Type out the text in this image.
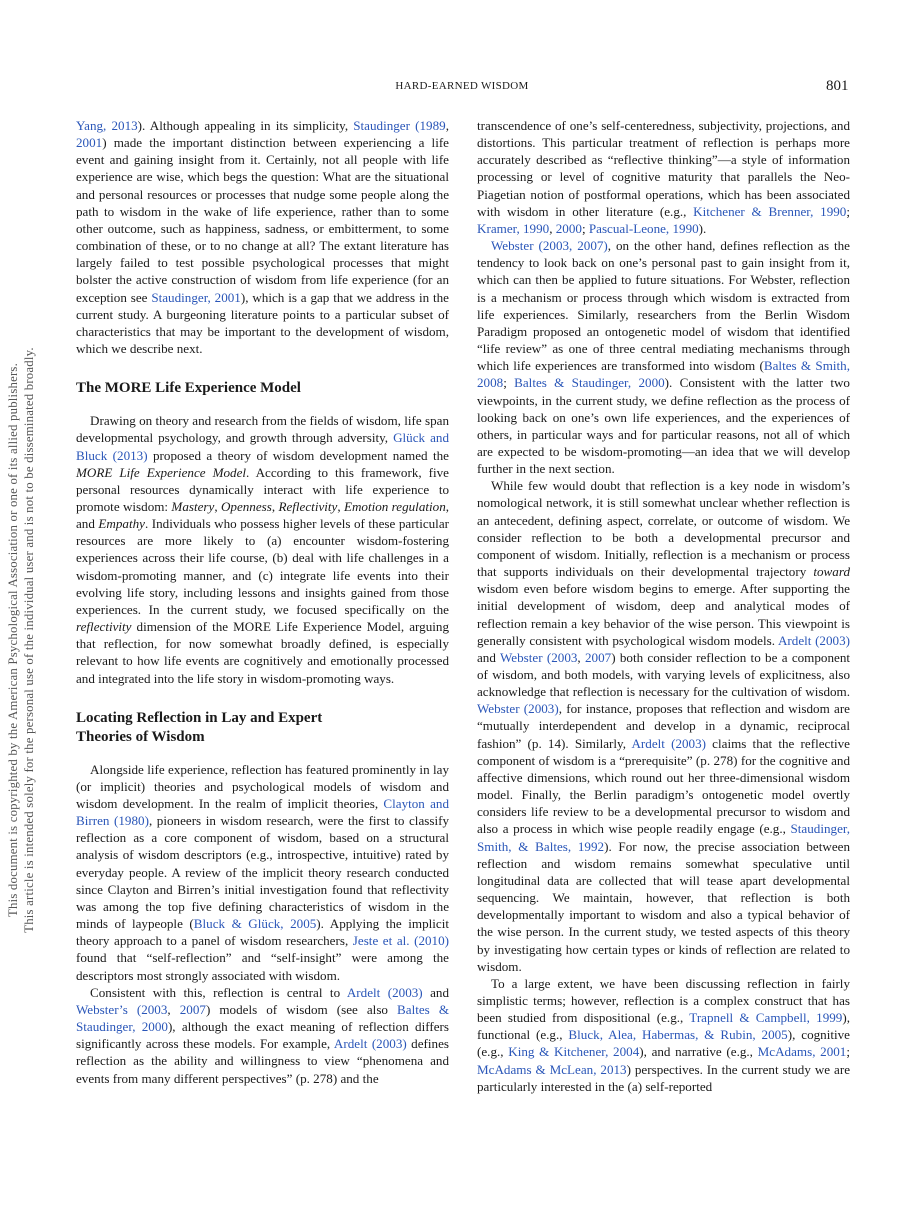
HARD-EARNED WISDOM	801
This document is copyrighted by the American Psychological Association or one of its allied publishers. This article is intended solely for the personal use of the individual user and is not to be disseminated broadly.

Yang, 2013). Although appealing in its simplicity, Staudinger (1989, 2001) made the important distinction between experiencing a life event and gaining insight from it. Certainly, not all people with life experience are wise, which begs the question: What are the situational and personal resources or processes that nudge some people along the path to wisdom in the wake of life experience, rather than to some other outcome, such as happiness, sadness, or embitterment, to some combination of these, or to no change at all? The extant literature has largely failed to test possible psychological processes that might bolster the active construction of wisdom from life experience (for an exception see Staudinger, 2001), which is a gap that we address in the current study. A burgeoning literature points to a particular subset of characteristics that may be important to the development of wisdom, which we describe next.

The MORE Life Experience Model

Drawing on theory and research from the fields of wisdom, life span developmental psychology, and growth through adversity, Glück and Bluck (2013) proposed a theory of wisdom development named the MORE Life Experience Model. According to this framework, five personal resources dynamically interact with life experience to promote wisdom: Mastery, Openness, Reflectivity, Emotion regulation, and Empathy. Individuals who possess higher levels of these particular resources are more likely to (a) encounter wisdom-fostering experiences across their life course, (b) deal with life challenges in a wisdom-promoting manner, and (c) integrate life events into their evolving life story, including lessons and insights gained from those experiences. In the current study, we focused specifically on the reflectivity dimension of the MORE Life Experience Model, arguing that reflection, for now somewhat broadly defined, is especially relevant to how life events are cognitively and emotionally processed and integrated into the life story in wisdom-promoting ways.

Locating Reflection in Lay and Expert
Theories of Wisdom

Alongside life experience, reflection has featured prominently in lay (or implicit) theories and psychological models of wisdom and wisdom development. In the realm of implicit theories, Clayton and Birren (1980), pioneers in wisdom research, were the first to classify reflection as a core component of wisdom, based on a structural analysis of wisdom descriptors (e.g., introspective, intuitive) rated by everyday people. A review of the implicit theory research conducted since Clayton and Birren’s initial investigation found that reflectivity was among the top five defining characteristics of wisdom in the minds of laypeople (Bluck & Glück, 2005). Applying the implicit theory approach to a panel of wisdom researchers, Jeste et al. (2010) found that “self-reflection” and “self-insight” were among the descriptors most strongly associated with wisdom.

Consistent with this, reflection is central to Ardelt (2003) and Webster’s (2003, 2007) models of wisdom (see also Baltes & Staudinger, 2000), although the exact meaning of reflection differs significantly across these models. For example, Ardelt (2003) defines reflection as the ability and willingness to view “phenomena and events from many different perspectives” (p. 278) and the

transcendence of one’s self-centeredness, subjectivity, projections, and distortions. This particular treatment of reflection is perhaps more accurately described as “reflective thinking”—a style of information processing or level of cognitive maturity that parallels the Neo-Piagetian notion of postformal operations, which has been associated with wisdom in other literature (e.g., Kitchener & Brenner, 1990; Kramer, 1990, 2000; Pascual-Leone, 1990).

Webster (2003, 2007), on the other hand, defines reflection as the tendency to look back on one’s personal past to gain insight from it, which can then be applied to future situations. For Webster, reflection is a mechanism or process through which wisdom is extracted from life experiences. Similarly, researchers from the Berlin Wisdom Paradigm proposed an ontogenetic model of wisdom that identified “life review” as one of three central mediating mechanisms through which life experiences are transformed into wisdom (Baltes & Smith, 2008; Baltes & Staudinger, 2000). Consistent with the latter two viewpoints, in the current study, we define reflection as the process of looking back on one’s own life experiences, and the experiences of others, in particular ways and for particular reasons, not all of which are expected to be wisdom-promoting—an idea that we will develop further in the next section.

While few would doubt that reflection is a key node in wisdom’s nomological network, it is still somewhat unclear whether reflection is an antecedent, defining aspect, correlate, or outcome of wisdom. We consider reflection to be both a developmental precursor and component of wisdom. Initially, reflection is a mechanism or process that supports individuals on their developmental trajectory toward wisdom even before wisdom begins to emerge. After supporting the initial development of wisdom, deep and analytical modes of reflection remain a key behavior of the wise person. This viewpoint is generally consistent with psychological wisdom models. Ardelt (2003) and Webster (2003, 2007) both consider reflection to be a component of wisdom, and both models, with varying levels of explicitness, also acknowledge that reflection is necessary for the cultivation of wisdom. Webster (2003), for instance, proposes that reflection and wisdom are “mutually interdependent and develop in a dynamic, reciprocal fashion” (p. 14). Similarly, Ardelt (2003) claims that the reflective component of wisdom is a “prerequisite” (p. 278) for the cognitive and affective dimensions, which round out her three-dimensional wisdom model. Finally, the Berlin paradigm’s ontogenetic model overtly considers life review to be a developmental precursor to wisdom and also a process in which wise people readily engage (e.g., Staudinger, Smith, & Baltes, 1992). For now, the precise association between reflection and wisdom remains somewhat speculative until longitudinal data are collected that will tease apart developmental sequencing. We maintain, however, that reflection is both developmentally important to wisdom and also a typical behavior of the wise person. In the current study, we tested aspects of this theory by investigating how certain types or kinds of reflection are related to wisdom.

To a large extent, we have been discussing reflection in fairly simplistic terms; however, reflection is a complex construct that has been studied from dispositional (e.g., Trapnell & Campbell, 1999), functional (e.g., Bluck, Alea, Habermas, & Rubin, 2005), cognitive (e.g., King & Kitchener, 2004), and narrative (e.g., McAdams, 2001; McAdams & McLean, 2013) perspectives. In the current study we are particularly interested in the (a) self-reported
